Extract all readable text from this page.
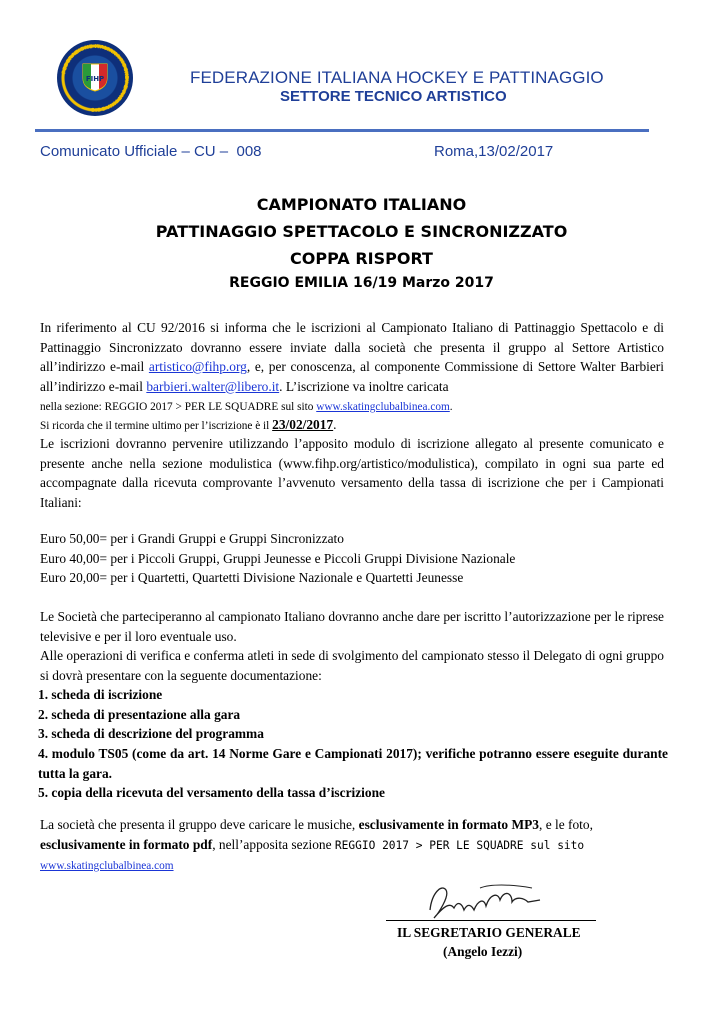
FEDERAZIONE ITALIANA HOCKEY E PATTINAGGIO
FIHP	FEDERAZIONE ITALIANA HOCKEY E PATTINAGGIO
SETTORE TECNICO ARTISTICO
Comunicato Ufficiale – CU –  008	Roma,13/02/2017
CAMPIONATO ITALIANO
PATTINAGGIO SPETTACOLO E SINCRONIZZATO
COPPA RISPORT
REGGIO EMILIA 16/19 Marzo 2017
In riferimento al CU 92/2016 si informa che le iscrizioni al Campionato Italiano di Pattinaggio Spettacolo e di Pattinaggio Sincronizzato dovranno essere inviate dalla società che presenta il gruppo al Settore Artistico all’indirizzo e-mail artistico@fihp.org, e, per conoscenza, al componente Commissione di Settore Walter Barbieri all’indirizzo e-mail barbieri.walter@libero.it. L’iscrizione va inoltre caricata
nella sezione: REGGIO 2017 > PER LE SQUADRE sul sito www.skatingclubalbinea.com.
Si ricorda che il termine ultimo per l’iscrizione è il 23/02/2017.
Le iscrizioni dovranno pervenire utilizzando l’apposito modulo di iscrizione allegato al presente comunicato e presente anche nella sezione modulistica (www.fihp.org/artistico/modulistica), compilato in ogni sua parte ed accompagnate dalla ricevuta comprovante l’avvenuto versamento della tassa di iscrizione che per i Campionati Italiani:
Euro 50,00= per i Grandi Gruppi e Gruppi Sincronizzato
Euro 40,00= per i Piccoli Gruppi, Gruppi Jeunesse e Piccoli Gruppi Divisione Nazionale
Euro 20,00= per i Quartetti, Quartetti Divisione Nazionale e Quartetti Jeunesse
Le Società che parteciperanno al campionato Italiano dovranno anche dare per iscritto l’autorizzazione per le riprese televisive e per il loro eventuale uso.
Alle operazioni di verifica e conferma atleti in sede di svolgimento del campionato stesso il Delegato di ogni gruppo si dovrà presentare con la seguente documentazione:
1. scheda di iscrizione
2. scheda di presentazione alla gara
3. scheda di descrizione del programma
4. modulo TS05 (come da art. 14 Norme Gare e Campionati 2017); verifiche potranno essere eseguite durante tutta la gara.
5. copia della ricevuta del versamento della tassa d’iscrizione
La società che presenta il gruppo deve caricare le musiche, esclusivamente in formato MP3, e le foto, esclusivamente in formato pdf, nell’apposita sezione REGGIO 2017 > PER LE SQUADRE sul sito
www.skatingclubalbinea.com
IL SEGRETARIO GENERALE
(Angelo Iezzi)
